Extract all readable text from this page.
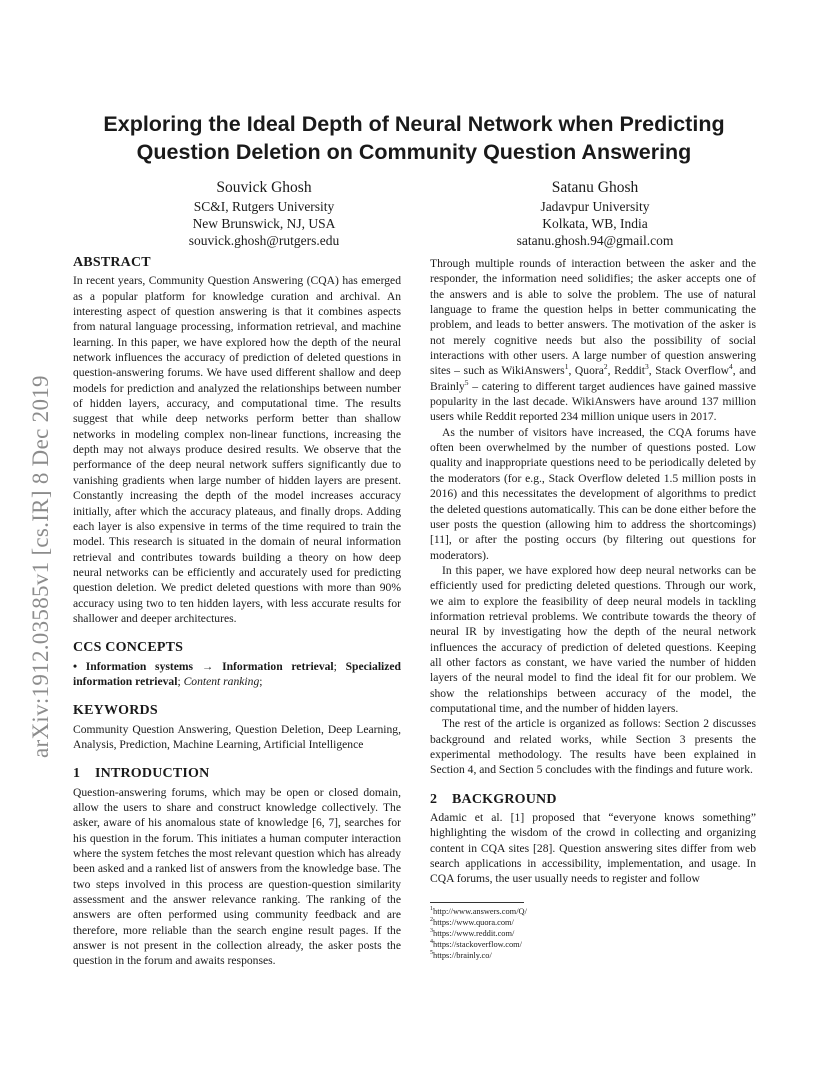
arXiv:1912.03585v1 [cs.IR] 8 Dec 2019
Exploring the Ideal Depth of Neural Network when Predicting
Question Deletion on Community Question Answering
Souvick Ghosh
SC&I, Rutgers University
New Brunswick, NJ, USA
souvick.ghosh@rutgers.edu
Satanu Ghosh
Jadavpur University
Kolkata, WB, India
satanu.ghosh.94@gmail.com
ABSTRACT

In recent years, Community Question Answering (CQA) has emerged as a popular platform for knowledge curation and archival. An interesting aspect of question answering is that it combines aspects from natural language processing, information retrieval, and machine learning. In this paper, we have explored how the depth of the neural network influences the accuracy of prediction of deleted questions in question-answering forums. We have used different shallow and deep models for prediction and analyzed the relationships between number of hidden layers, accuracy, and computational time. The results suggest that while deep networks perform better than shallow networks in modeling complex non-linear functions, increasing the depth may not always produce desired results. We observe that the performance of the deep neural network suffers significantly due to vanishing gradients when large number of hidden layers are present. Constantly increasing the depth of the model increases accuracy initially, after which the accuracy plateaus, and finally drops. Adding each layer is also expensive in terms of the time required to train the model. This research is situated in the domain of neural information retrieval and contributes towards building a theory on how deep neural networks can be efficiently and accurately used for predicting question deletion. We predict deleted questions with more than 90% accuracy using two to ten hidden layers, with less accurate results for shallower and deeper architectures.

CCS CONCEPTS

• Information systems → Information retrieval; Specialized information retrieval; Content ranking;

KEYWORDS

Community Question Answering, Question Deletion, Deep Learning, Analysis, Prediction, Machine Learning, Artificial Intelligence

1 INTRODUCTION

Question-answering forums, which may be open or closed domain, allow the users to share and construct knowledge collectively. The asker, aware of his anomalous state of knowledge [6, 7], searches for his question in the forum. This initiates a human computer interaction where the system fetches the most relevant question which has already been asked and a ranked list of answers from the knowledge base. The two steps involved in this process are question-question similarity assessment and the answer relevance ranking. The ranking of the answers are often performed using community feedback and are therefore, more reliable than the search engine result pages. If the answer is not present in the collection already, the asker posts the question in the forum and awaits responses.

Through multiple rounds of interaction between the asker and the responder, the information need solidifies; the asker accepts one of the answers and is able to solve the problem. The use of natural language to frame the question helps in better communicating the problem, and leads to better answers. The motivation of the asker is not merely cognitive needs but also the possibility of social interactions with other users. A large number of question answering sites – such as WikiAnswers$^1$, Quora$^2$, Reddit$^3$, Stack Overflow$^4$, and Brainly$^5$ – catering to different target audiences have gained massive popularity in the last decade. WikiAnswers have around 137 million users while Reddit reported 234 million unique users in 2017.

As the number of visitors have increased, the CQA forums have often been overwhelmed by the number of questions posted. Low quality and inappropriate questions need to be periodically deleted by the moderators (for e.g., Stack Overflow deleted 1.5 million posts in 2016) and this necessitates the development of algorithms to predict the deleted questions automatically. This can be done either before the user posts the question (allowing him to address the shortcomings) [11], or after the posting occurs (by filtering out questions for moderators).

In this paper, we have explored how deep neural networks can be efficiently used for predicting deleted questions. Through our work, we aim to explore the feasibility of deep neural models in tackling information retrieval problems. We contribute towards the theory of neural IR by investigating how the depth of the neural network influences the accuracy of prediction of deleted questions. Keeping all other factors as constant, we have varied the number of hidden layers of the neural model to find the ideal fit for our problem. We show the relationships between accuracy of the model, the computational time, and the number of hidden layers.

The rest of the article is organized as follows: Section 2 discusses background and related works, while Section 3 presents the experimental methodology. The results have been explained in Section 4, and Section 5 concludes with the findings and future work.

2 BACKGROUND

Adamic et al. [1] proposed that “everyone knows something” highlighting the wisdom of the crowd in collecting and organizing content in CQA sites [28]. Question answering sites differ from web search applications in accessibility, implementation, and usage. In CQA forums, the user usually needs to register and follow

$^1$http://www.answers.com/Q/
$^2$https://www.quora.com/
$^3$https://www.reddit.com/
$^4$https://stackoverflow.com/
$^5$https://brainly.co/
